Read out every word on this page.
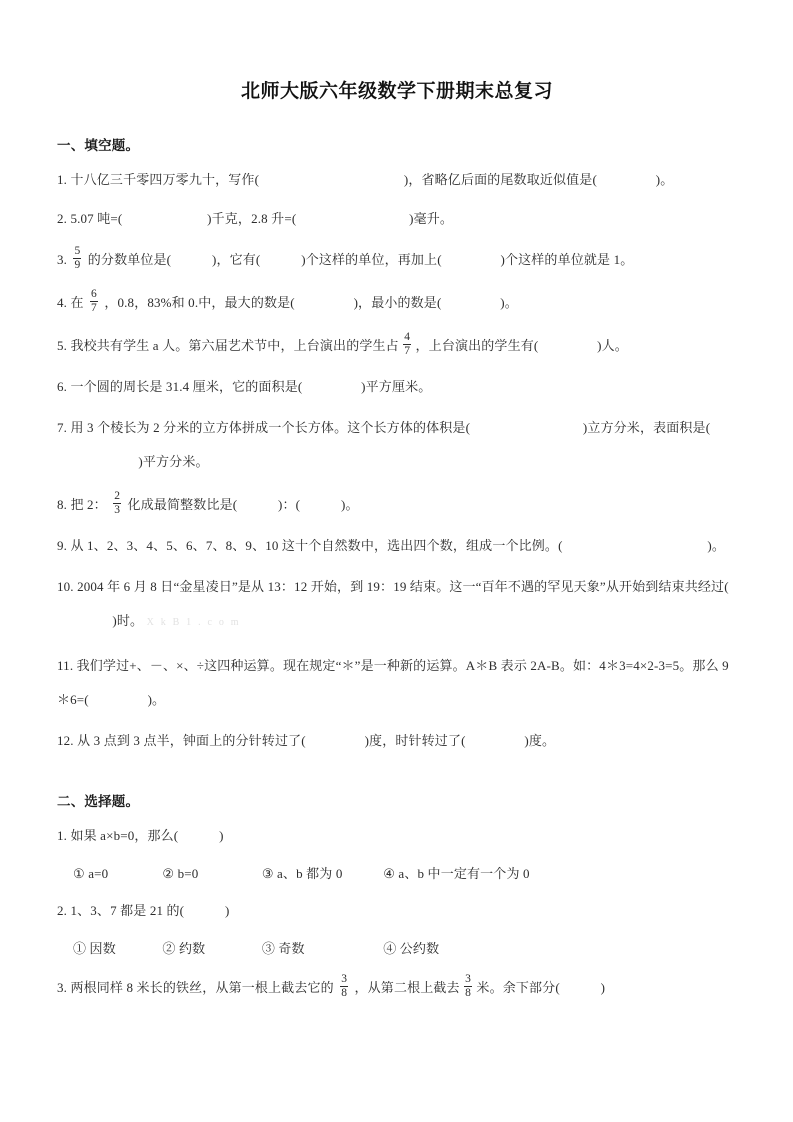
北师大版六年级数学下册期末总复习
一、填空题。

1. 十八亿三千零四万零九十，写作(	)，省略亿后面的尾数取近似值是(	)。

2. 5.07 吨=(	)千克，2.8 升=(	)毫升。

3. $\frac{5}{9}$ 的分数单位是(	)，它有(	)个这样的单位，再加上(	)个这样的单位就是 1。

4. 在 $\frac{6}{7}$ ，0.8，83%和 0.中，最大的数是(	)，最小的数是(	)。

5. 我校共有学生 a 人。第六届艺术节中，上台演出的学生占 $\frac{4}{7}$ ，上台演出的学生有(	)人。

6. 一个圆的周长是 31.4 厘米，它的面积是(	)平方厘米。

7. 用 3 个棱长为 2 分米的立方体拼成一个长方体。这个长方体的体积是(	)立方分米，表面积是(  )平方分米。

8. 把 2： $\frac{2}{3}$ 化成最简整数比是(	)：(	)。

9. 从 1、2、3、4、5、6、7、8、9、10 这十个自然数中，选出四个数，组成一个比例。(	)。

10. 2004 年 6 月 8 日“金星凌日”是从 13：12 开始，到 19：19 结束。这一“百年不遇的罕见天象”从开始到结束共经过(  )时。 X k B 1 . c o m

11. 我们学过+、－、×、÷这四种运算。现在规定“＊”是一种新的运算。A＊B 表示 2A-B。如：4＊3=4×2-3=5。那么 9＊6=(	)。

12. 从 3 点到 3 点半，钟面上的分针转过了(	)度，时针转过了(	)度。

二、选择题。

1. 如果 a×b=0，那么(	)

① a=0	② b=0	③ a、b 都为 0	④ a、b 中一定有一个为 0

2. 1、3、7 都是 21 的(	)

① 因数	② 约数	③ 奇数	④ 公约数

3. 两根同样 8 米长的铁丝，从第一根上截去它的 $\frac{3}{8}$ ，从第二根上截去 $\frac{3}{8}$ 米。余下部分(	)
